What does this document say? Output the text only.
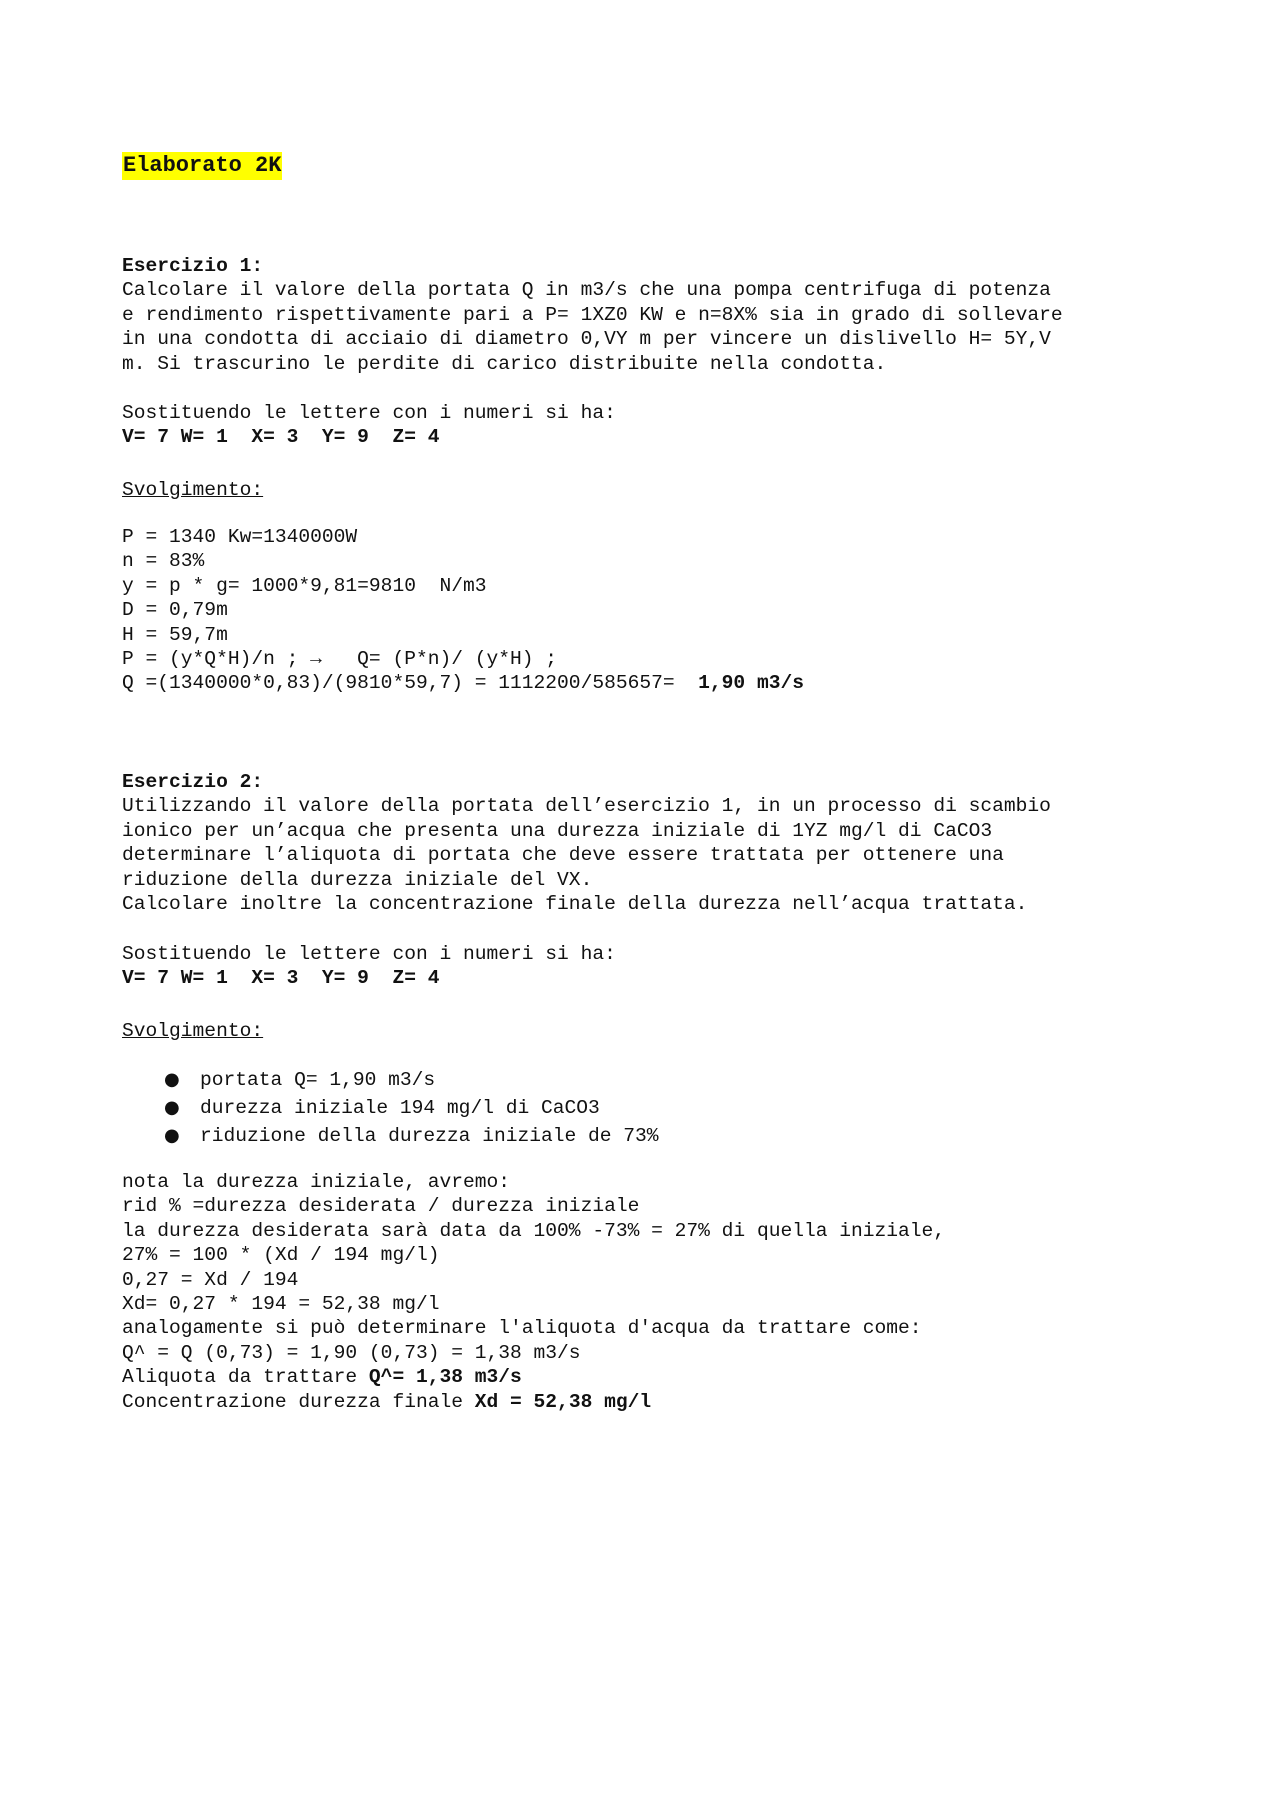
Elaborato 2K
Esercizio 1:
Calcolare il valore della portata Q in m3/s che una pompa centrifuga di potenza
e rendimento rispettivamente pari a P= 1XZ0 KW e n=8X% sia in grado di sollevare
in una condotta di acciaio di diametro 0,VY m per vincere un dislivello H= 5Y,V
m. Si trascurino le perdite di carico distribuite nella condotta.
Sostituendo le lettere con i numeri si ha:
V= 7 W= 1  X= 3  Y= 9  Z= 4
Svolgimento:
P = 1340 Kw=1340000W
n = 83%
y = p * g= 1000*9,81=9810  N/m3
D = 0,79m
H = 59,7m
P = (y*Q*H)/n ; →   Q= (P*n)/ (y*H) ;
Q =(1340000*0,83)/(9810*59,7) = 1112200/585657=  1,90 m3/s
Esercizio 2:
Utilizzando il valore della portata dell’esercizio 1, in un processo di scambio
ionico per un’acqua che presenta una durezza iniziale di 1YZ mg/l di CaCO3
determinare l’aliquota di portata che deve essere trattata per ottenere una
riduzione della durezza iniziale del VX.
Calcolare inoltre la concentrazione finale della durezza nell’acqua trattata.
Sostituendo le lettere con i numeri si ha:
V= 7 W= 1  X= 3  Y= 9  Z= 4
Svolgimento:
● portata Q= 1,90 m3/s
● durezza iniziale 194 mg/l di CaCO3
● riduzione della durezza iniziale de 73%
nota la durezza iniziale, avremo:
rid % =durezza desiderata / durezza iniziale
la durezza desiderata sarà data da 100% -73% = 27% di quella iniziale,
27% = 100 * (Xd / 194 mg/l)
0,27 = Xd / 194
Xd= 0,27 * 194 = 52,38 mg/l
analogamente si può determinare l'aliquota d'acqua da trattare come:
Q^ = Q (0,73) = 1,90 (0,73) = 1,38 m3/s
Aliquota da trattare Q^= 1,38 m3/s
Concentrazione durezza finale Xd = 52,38 mg/l
